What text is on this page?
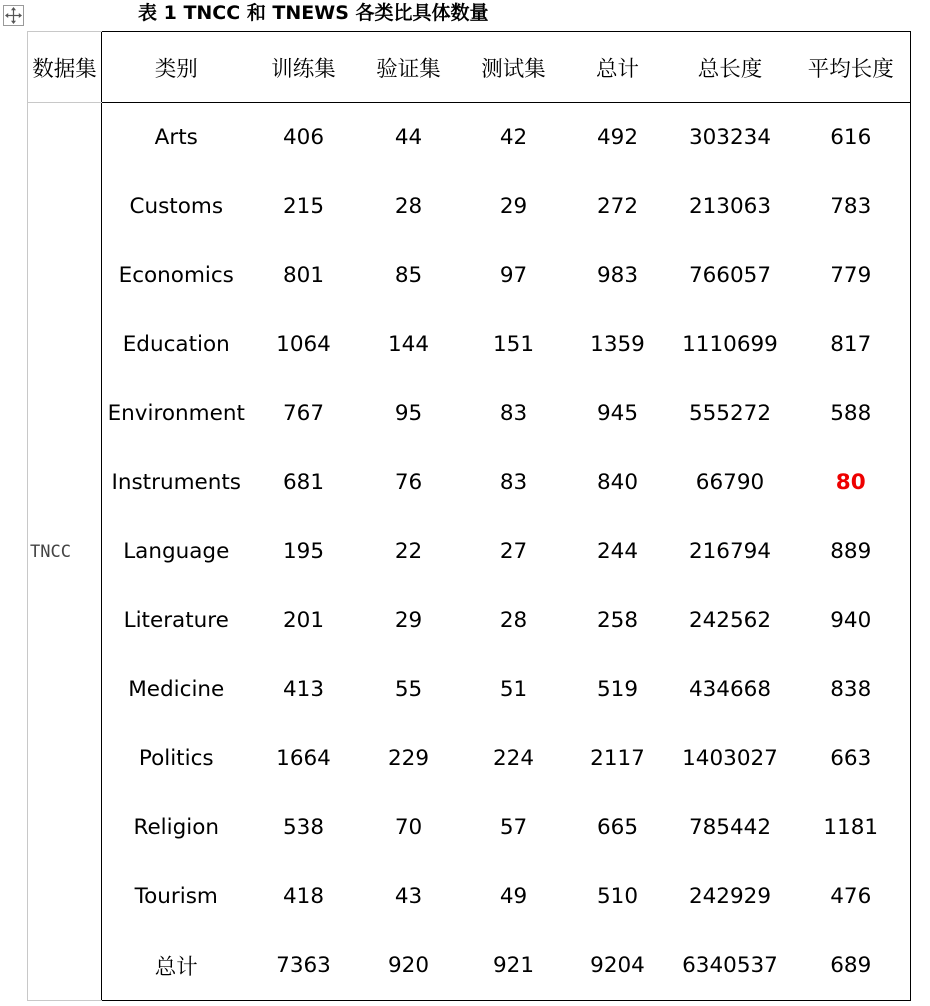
表 1 TNCC 和 TNEWS 各类比具体数量
数据集	类别	训练集	验证集	测试集	总计	总长度	平均长度
TNCC	Arts	406	44	42	492	303234	616
	Customs	215	28	29	272	213063	783
	Economics	801	85	97	983	766057	779
	Education	1064	144	151	1359	1110699	817
	Environment	767	95	83	945	555272	588
	Instruments	681	76	83	840	66790	80
	Language	195	22	27	244	216794	889
	Literature	201	29	28	258	242562	940
	Medicine	413	55	51	519	434668	838
	Politics	1664	229	224	2117	1403027	663
	Religion	538	70	57	665	785442	1181
	Tourism	418	43	49	510	242929	476
	总计	7363	920	921	9204	6340537	689
